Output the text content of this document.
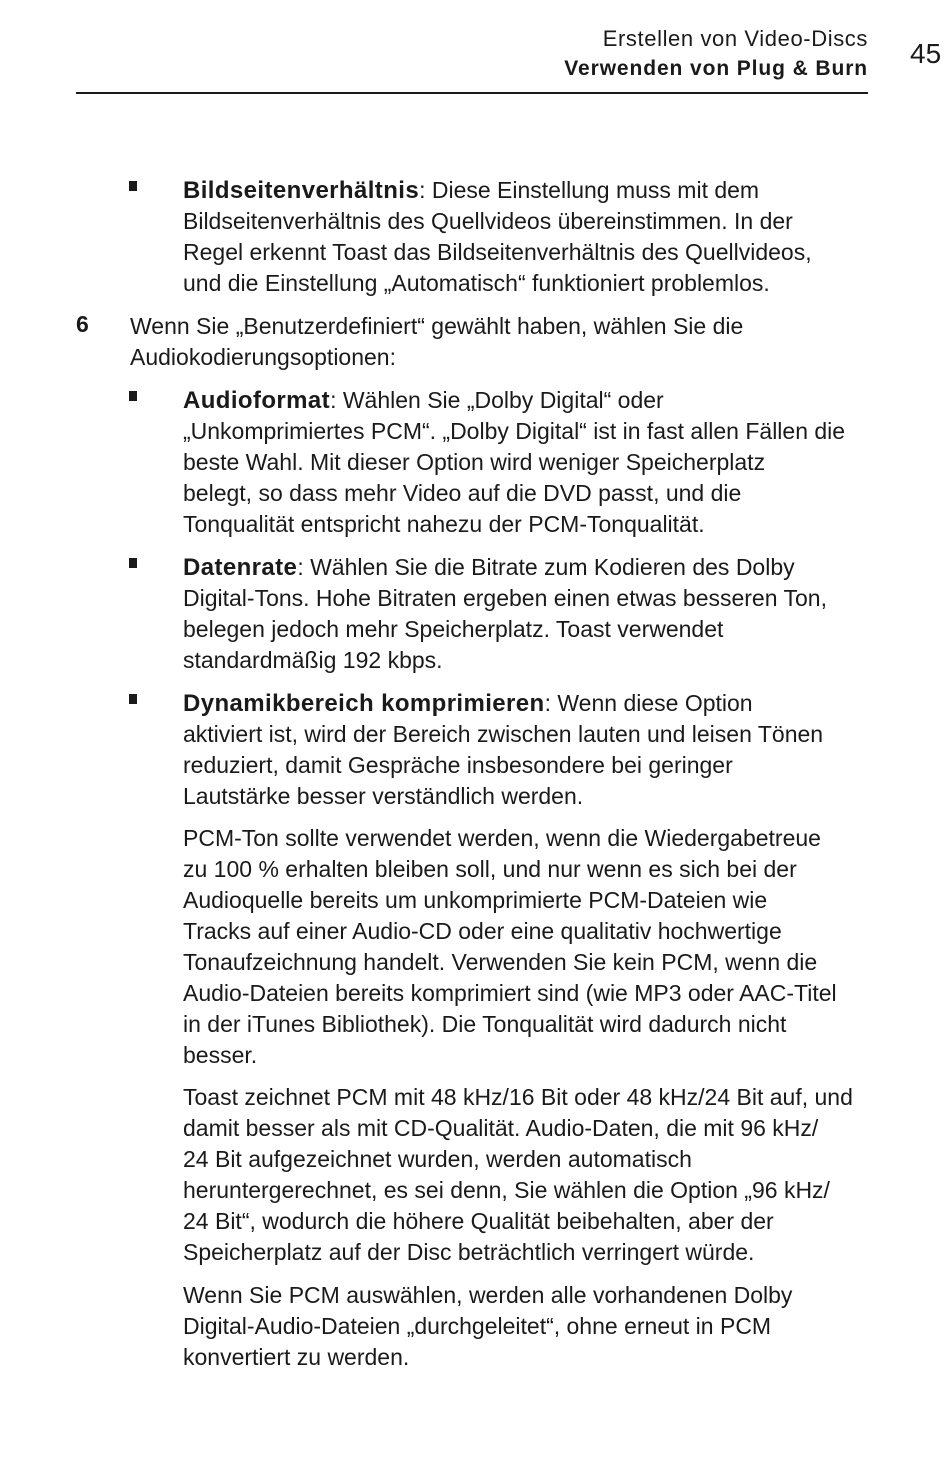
Erstellen von Video-Discs
Verwenden von Plug & Burn 45
Bildseitenverhältnis: Diese Einstellung muss mit dem
Bildseitenverhältnis des Quellvideos übereinstimmen. In der
Regel erkennt Toast das Bildseitenverhältnis des Quellvideos,
und die Einstellung „Automatisch“ funktioniert problemlos.
6 Wenn Sie „Benutzerdefiniert“ gewählt haben, wählen Sie die
Audiokodierungsoptionen:
Audioformat: Wählen Sie „Dolby Digital“ oder
„Unkomprimiertes PCM“. „Dolby Digital“ ist in fast allen Fällen die
beste Wahl. Mit dieser Option wird weniger Speicherplatz
belegt, so dass mehr Video auf die DVD passt, und die
Tonqualität entspricht nahezu der PCM-Tonqualität.
Datenrate: Wählen Sie die Bitrate zum Kodieren des Dolby
Digital-Tons. Hohe Bitraten ergeben einen etwas besseren Ton,
belegen jedoch mehr Speicherplatz. Toast verwendet
standardmäßig 192 kbps.
Dynamikbereich komprimieren: Wenn diese Option
aktiviert ist, wird der Bereich zwischen lauten und leisen Tönen
reduziert, damit Gespräche insbesondere bei geringer
Lautstärke besser verständlich werden.
PCM-Ton sollte verwendet werden, wenn die Wiedergabetreue
zu 100 % erhalten bleiben soll, und nur wenn es sich bei der
Audioquelle bereits um unkomprimierte PCM-Dateien wie
Tracks auf einer Audio-CD oder eine qualitativ hochwertige
Tonaufzeichnung handelt. Verwenden Sie kein PCM, wenn die
Audio-Dateien bereits komprimiert sind (wie MP3 oder AAC-Titel
in der iTunes Bibliothek). Die Tonqualität wird dadurch nicht
besser.
Toast zeichnet PCM mit 48 kHz/16 Bit oder 48 kHz/24 Bit auf, und
damit besser als mit CD-Qualität. Audio-Daten, die mit 96 kHz/
24 Bit aufgezeichnet wurden, werden automatisch
heruntergerechnet, es sei denn, Sie wählen die Option „96 kHz/
24 Bit“, wodurch die höhere Qualität beibehalten, aber der
Speicherplatz auf der Disc beträchtlich verringert würde.
Wenn Sie PCM auswählen, werden alle vorhandenen Dolby
Digital-Audio-Dateien „durchgeleitet“, ohne erneut in PCM
konvertiert zu werden.
